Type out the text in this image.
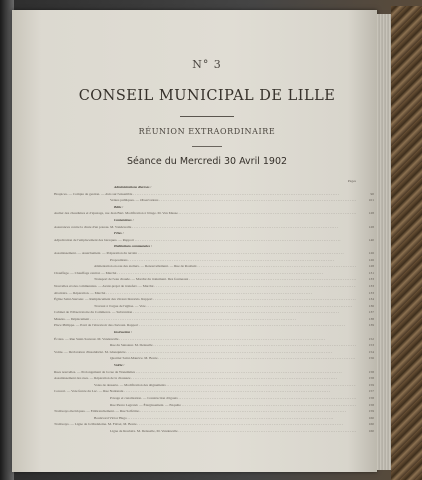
N° 3
CONSEIL MUNICIPAL DE LILLE
RÉUNION EXTRAORDINAIRE
Séance du Mercredi 30 Avril 1902
Pages
Administrations diverses :
Hospices. — Compte de gestion. — Avis sur l'ensemble . . .	90
Ventes publiques. — Observations . . .	101
Bâtis :
Atelier des chaudières et d'ajustage, rue Jean Bart. Modification à l'étage. M. Van Mease . . .	128
Contentieux :
Assurances contre la chute d'un poteau. M. Vandewalle . . .	128
Fêtes :
Adjudication de l'emplacement des baraques. — Rapport . . .	140
Habitations communales :
Assainissement. — Assèchement. — Préparation du terrain . . .	126
Propositions . . .	126
Alimentation en eau des ateliers. — Renouvellement. — Rue de Roubaix . . .	128
Chauffage. — Chauffage central. — Marché . . .	131
Transport de l'eau chaude. — Marché du traitement. Des fourneaux . . .	133
Nouvelles écoles communales. — Avant-projet de transfert. — Marché . . .	133
Abattoirs. — Réparation. — Marché . . .	133
Église Saint-Sauveur. — Remplacement des vitraux historiés. Rapport . . .	134
Travaux à l'orgue de l'église. — Vote . . .	136
Cabinet de l'Observatoire du Commerce. — Subvention . . .	137
Musées. — Déplacement . . .	138
Place Philippe. — Pavé de l'abreuvoir des chevaux. Rapport . . .	139
Instruction :
Écoles. — Rue Saint-Sauveur. M. Vandewalle . . .	152
Rue du Sénateur. M. Delesalle . . .	153
Voirie. — Déclaration d'insalubrité. M. Ghesquière . . .	154
Quartier Saint-Maurice. M. Bonte . . .	156
Voirie :
Rues nouvelles. — Prolongement de la rue de Wazemmes . . .	158
Assainissement des rues. — Réparation de la chaussée . . .	158
Voies de desserte. — Modification des alignements . . .	159
Concert. — Voie ferrée du Lac. — Rue Nationale . . .	157
Pavage et canalisation. — Construction d'égouts . . .	158
Rue Pierre Legrand. — Élargissement. — Enquête . . .	158
Tramways électriques. — Embranchement. — Rue Solférino . . .	159
Boulevard Victor Hugo . . .	160
Tramways. — Ligne de la Madeleine. M. Fiévet, M. Bonte . . .	160
Ligne de Roubaix. M. Delesalle, M. Vandewalle . . .	160
